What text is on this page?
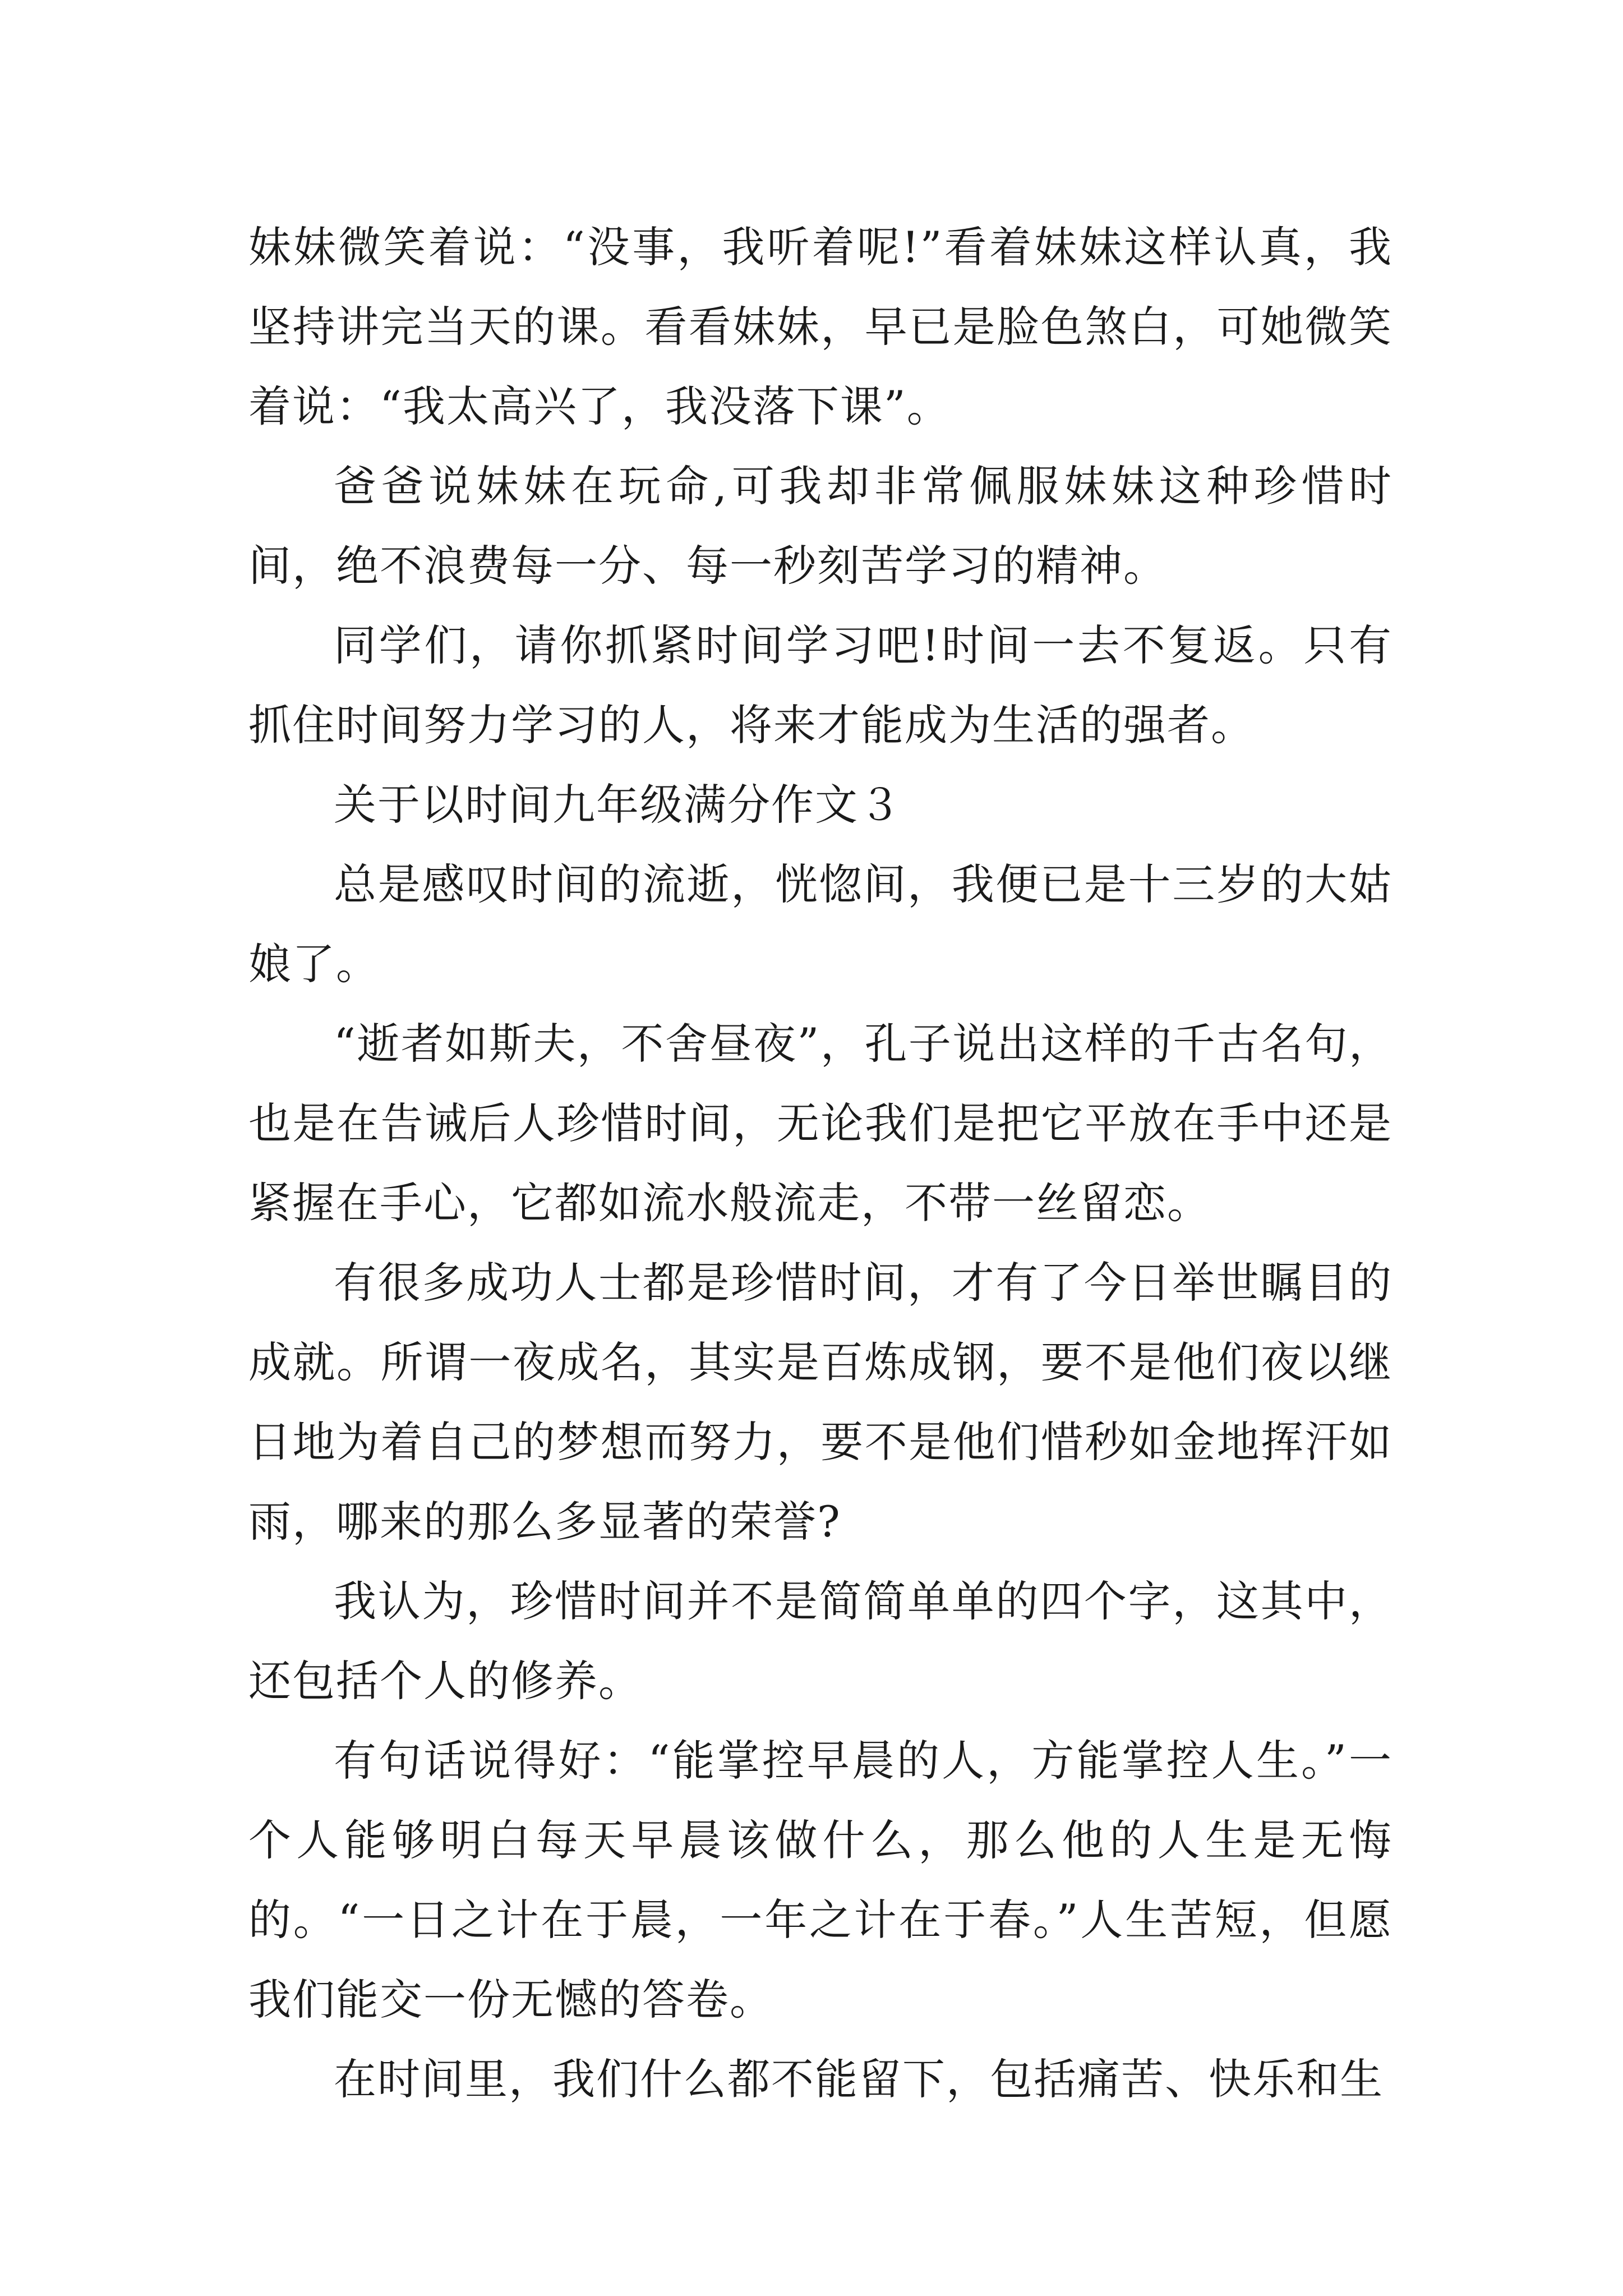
妹妹微笑着说：“没事，我听着呢!”看着妹妹这样认真，我坚持讲完当天的课。看看妹妹，早已是脸色煞白，可她微笑着说：“我太高兴了，我没落下课”。

爸爸说妹妹在玩命,可我却非常佩服妹妹这种珍惜时间，绝不浪费每一分、每一秒刻苦学习的精神。

同学们，请你抓紧时间学习吧!时间一去不复返。只有抓住时间努力学习的人，将来才能成为生活的强者。

关于以时间九年级满分作文３

总是感叹时间的流逝，恍惚间，我便已是十三岁的大姑娘了。

“逝者如斯夫，不舍昼夜”，孔子说出这样的千古名句，也是在告诫后人珍惜时间，无论我们是把它平放在手中还是紧握在手心，它都如流水般流走，不带一丝留恋。

有很多成功人士都是珍惜时间，才有了今日举世瞩目的成就。所谓一夜成名，其实是百炼成钢，要不是他们夜以继日地为着自己的梦想而努力，要不是他们惜秒如金地挥汗如雨，哪来的那么多显著的荣誉?

我认为，珍惜时间并不是简简单单的四个字，这其中，还包括个人的修养。

有句话说得好：“能掌控早晨的人，方能掌控人生。”一个人能够明白每天早晨该做什么，那么他的人生是无悔的。“一日之计在于晨，一年之计在于春。”人生苦短，但愿我们能交一份无憾的答卷。

在时间里，我们什么都不能留下，包括痛苦、快乐和生
